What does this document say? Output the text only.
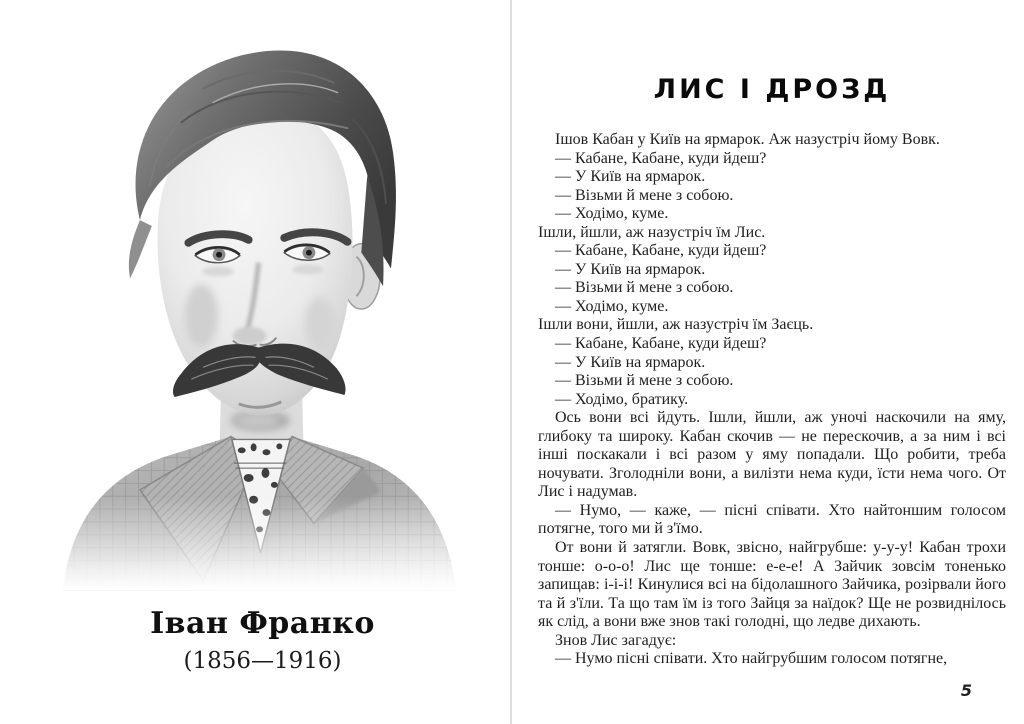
Іван Франко
(1856—1916)
ЛИС І ДРОЗД

Ішов Кабан у Київ на ярмарок. Аж назустріч йому Вовк.

— Кабане, Кабане, куди йдеш?

— У Київ на ярмарок.

— Візьми й мене з собою.

— Ходімо, куме.

Ішли, йшли, аж назустріч їм Лис.

— Кабане, Кабане, куди йдеш?

— У Київ на ярмарок.

— Візьми й мене з собою.

— Ходімо, куме.

Ішли вони, йшли, аж назустріч їм Заєць.

— Кабане, Кабане, куди йдеш?

— У Київ на ярмарок.

— Візьми й мене з собою.

— Ходімо, братику.

Ось вони всі йдуть. Ішли, йшли, аж уночі наскочили на яму, глибоку та широку. Кабан скочив — не перескочив, а за ним і всі інші поскакали і всі разом у яму попадали. Що робити, треба ночувати. Зголодніли вони, а вилізти нема куди, їсти нема чого. От Лис і надумав.

— Нумо, — каже, — пісні співати. Хто найтоншим голосом потягне, того ми й з'їмо.

От вони й затягли. Вовк, звісно, найгрубше: у-у-у! Кабан трохи тонше: о-о-о! Лис ще тонше: е-е-е! А Зайчик зовсім тоненько запищав: і-і-і! Кинулися всі на бідолашного Зайчика, розірвали його та й з'їли. Та що там їм із того Зайця за наїдок? Ще не розвиднілось як слід, а вони вже знов такі голодні, що ледве дихають.

Знов Лис загадує:

— Нумо пісні співати. Хто найгрубшим голосом потягне,

5
